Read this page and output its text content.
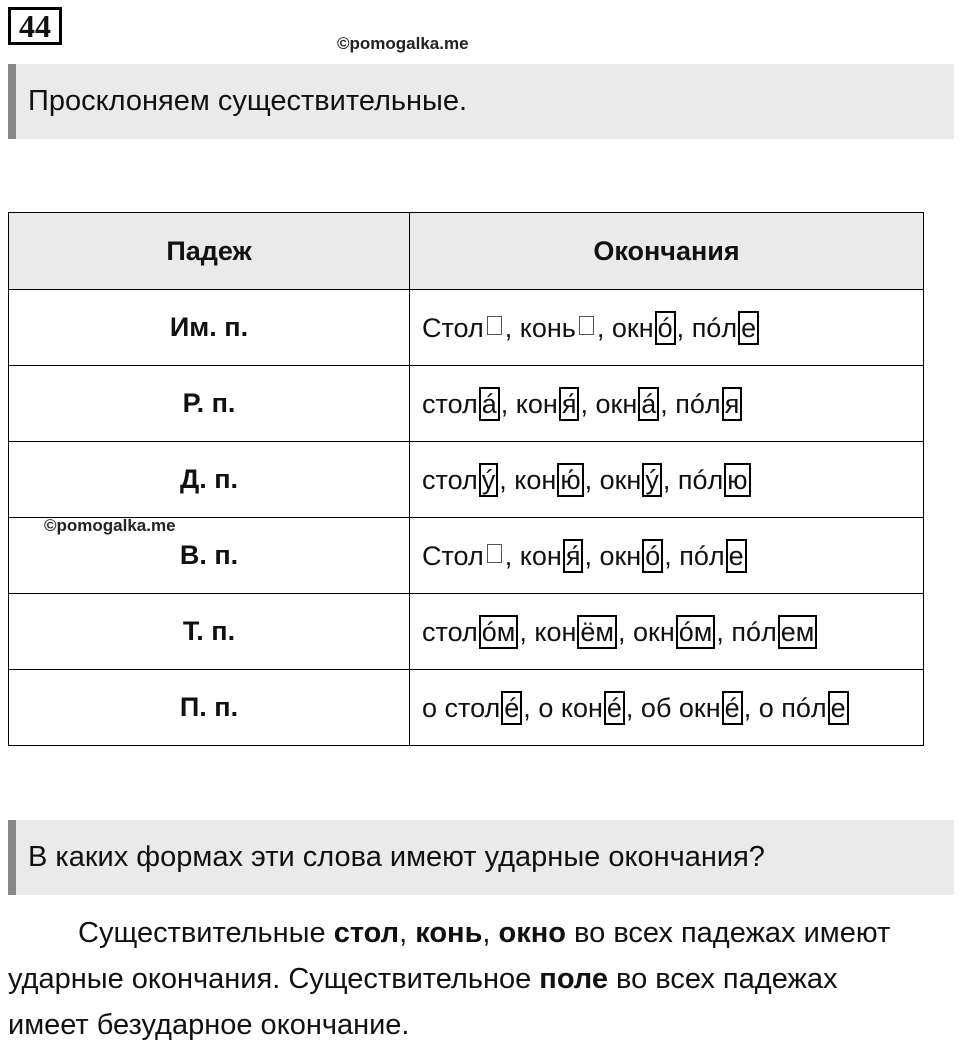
44	©pomogalka.me
Просклоняем существительные.
Падеж	Окончания
Им. п.	Стол , конь , окн ó , пóл е
Р. п.	стол á , кон я́ , окн á , пóл я
Д. п.	стол ý , кон ю́ , окн ý , пóл ю
В. п.	Стол , кон я́ , окн ó , пóл е
Т. п.	стол óм , кон ём , окн óм , пóл ем
П. п.	о стол é , о кон é , об окн é , о пóл е
©pomogalka.me
В каких формах эти слова имеют ударные окончания?
Существительные стол, конь, окно во всех падежах имеют ударные окончания. Существительное поле во всех падежах имеет безударное окончание.
